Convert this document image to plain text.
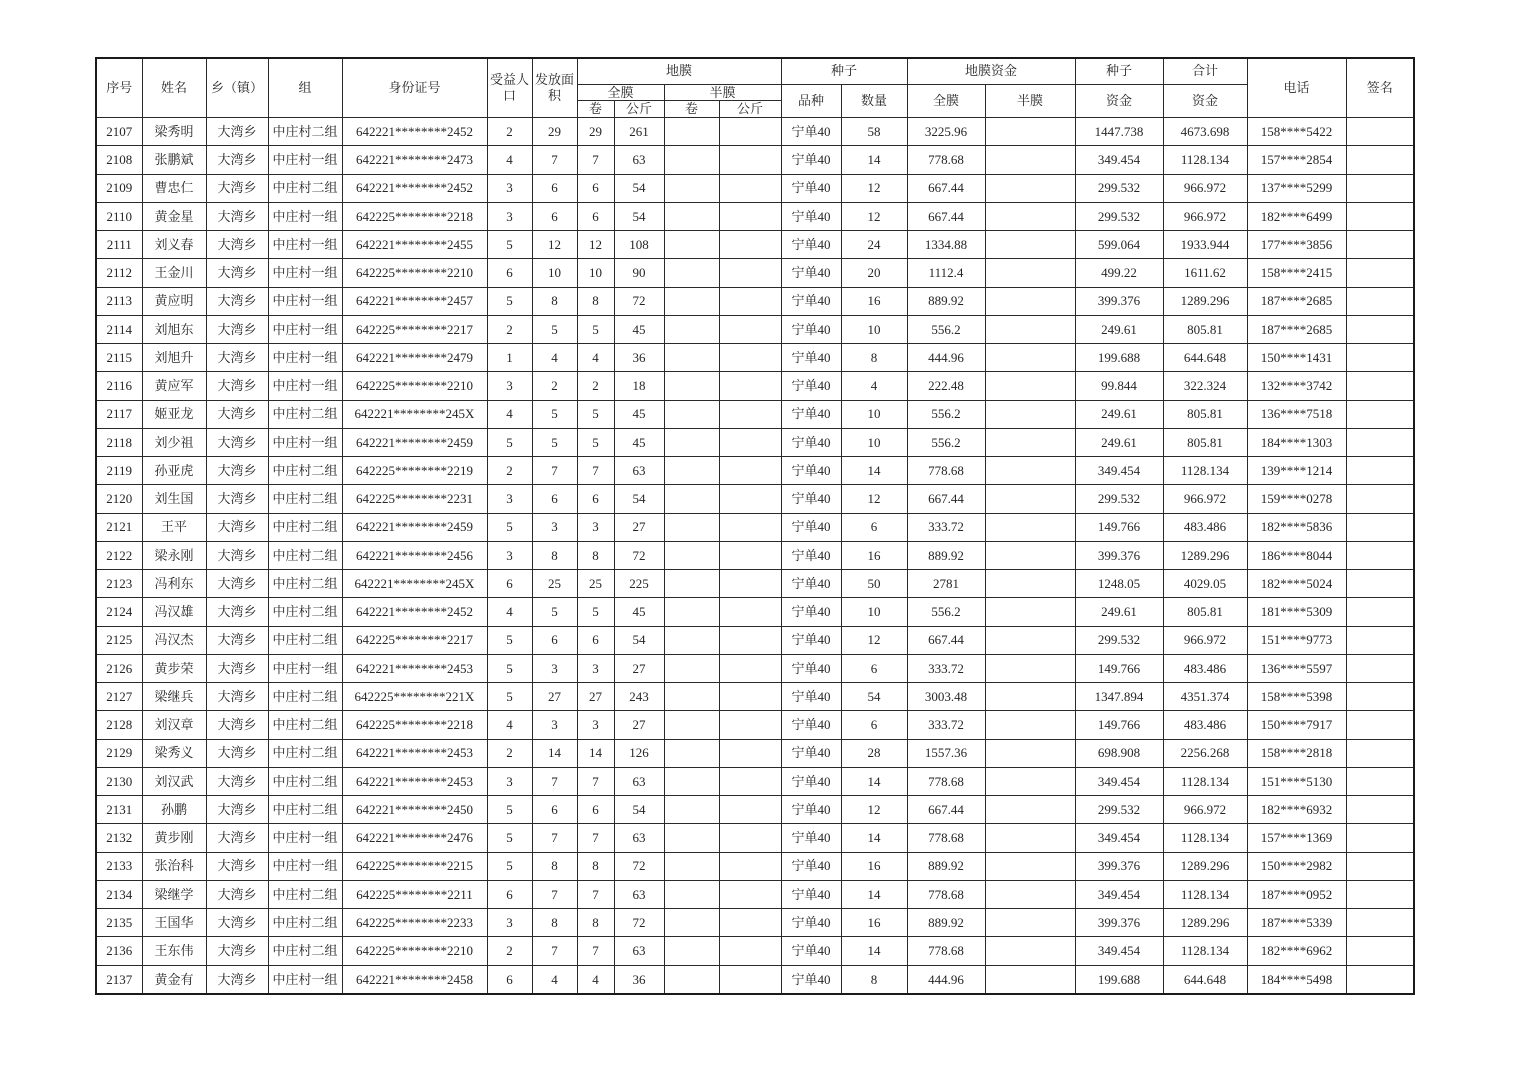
序号	姓名	乡（镇）	组	身份证号	受益人口	发放面积	地膜				种子		地膜资金		种子	合计	电话	签名
							全膜		半膜		品种	数量	全膜	半膜	资金	资金		
							卷	公斤	卷	公斤								
2107	梁秀明	大湾乡	中庄村二组	642221********2452	2	29	29	261			宁单40	58	3225.96		1447.738	4673.698	158****5422	
2108	张鹏斌	大湾乡	中庄村一组	642221********2473	4	7	7	63			宁单40	14	778.68		349.454	1128.134	157****2854	
2109	曹忠仁	大湾乡	中庄村二组	642221********2452	3	6	6	54			宁单40	12	667.44		299.532	966.972	137****5299	
2110	黄金星	大湾乡	中庄村一组	642225********2218	3	6	6	54			宁单40	12	667.44		299.532	966.972	182****6499	
2111	刘义春	大湾乡	中庄村一组	642221********2455	5	12	12	108			宁单40	24	1334.88		599.064	1933.944	177****3856	
2112	王金川	大湾乡	中庄村一组	642225********2210	6	10	10	90			宁单40	20	1112.4		499.22	1611.62	158****2415	
2113	黄应明	大湾乡	中庄村一组	642221********2457	5	8	8	72			宁单40	16	889.92		399.376	1289.296	187****2685	
2114	刘旭东	大湾乡	中庄村一组	642225********2217	2	5	5	45			宁单40	10	556.2		249.61	805.81	187****2685	
2115	刘旭升	大湾乡	中庄村一组	642221********2479	1	4	4	36			宁单40	8	444.96		199.688	644.648	150****1431	
2116	黄应军	大湾乡	中庄村一组	642225********2210	3	2	2	18			宁单40	4	222.48		99.844	322.324	132****3742	
2117	姬亚龙	大湾乡	中庄村二组	642221********245X	4	5	5	45			宁单40	10	556.2		249.61	805.81	136****7518	
2118	刘少祖	大湾乡	中庄村一组	642221********2459	5	5	5	45			宁单40	10	556.2		249.61	805.81	184****1303	
2119	孙亚虎	大湾乡	中庄村二组	642225********2219	2	7	7	63			宁单40	14	778.68		349.454	1128.134	139****1214	
2120	刘生国	大湾乡	中庄村二组	642225********2231	3	6	6	54			宁单40	12	667.44		299.532	966.972	159****0278	
2121	王平	大湾乡	中庄村二组	642221********2459	5	3	3	27			宁单40	6	333.72		149.766	483.486	182****5836	
2122	梁永刚	大湾乡	中庄村二组	642221********2456	3	8	8	72			宁单40	16	889.92		399.376	1289.296	186****8044	
2123	冯利东	大湾乡	中庄村二组	642221********245X	6	25	25	225			宁单40	50	2781		1248.05	4029.05	182****5024	
2124	冯汉雄	大湾乡	中庄村二组	642221********2452	4	5	5	45			宁单40	10	556.2		249.61	805.81	181****5309	
2125	冯汉杰	大湾乡	中庄村二组	642225********2217	5	6	6	54			宁单40	12	667.44		299.532	966.972	151****9773	
2126	黄步荣	大湾乡	中庄村一组	642221********2453	5	3	3	27			宁单40	6	333.72		149.766	483.486	136****5597	
2127	梁继兵	大湾乡	中庄村二组	642225********221X	5	27	27	243			宁单40	54	3003.48		1347.894	4351.374	158****5398	
2128	刘汉章	大湾乡	中庄村二组	642225********2218	4	3	3	27			宁单40	6	333.72		149.766	483.486	150****7917	
2129	梁秀义	大湾乡	中庄村二组	642221********2453	2	14	14	126			宁单40	28	1557.36		698.908	2256.268	158****2818	
2130	刘汉武	大湾乡	中庄村二组	642221********2453	3	7	7	63			宁单40	14	778.68		349.454	1128.134	151****5130	
2131	孙鹏	大湾乡	中庄村二组	642221********2450	5	6	6	54			宁单40	12	667.44		299.532	966.972	182****6932	
2132	黄步刚	大湾乡	中庄村一组	642221********2476	5	7	7	63			宁单40	14	778.68		349.454	1128.134	157****1369	
2133	张治科	大湾乡	中庄村一组	642225********2215	5	8	8	72			宁单40	16	889.92		399.376	1289.296	150****2982	
2134	梁继学	大湾乡	中庄村二组	642225********2211	6	7	7	63			宁单40	14	778.68		349.454	1128.134	187****0952	
2135	王国华	大湾乡	中庄村二组	642225********2233	3	8	8	72			宁单40	16	889.92		399.376	1289.296	187****5339	
2136	王东伟	大湾乡	中庄村二组	642225********2210	2	7	7	63			宁单40	14	778.68		349.454	1128.134	182****6962	
2137	黄金有	大湾乡	中庄村一组	642221********2458	6	4	4	36			宁单40	8	444.96		199.688	644.648	184****5498	
